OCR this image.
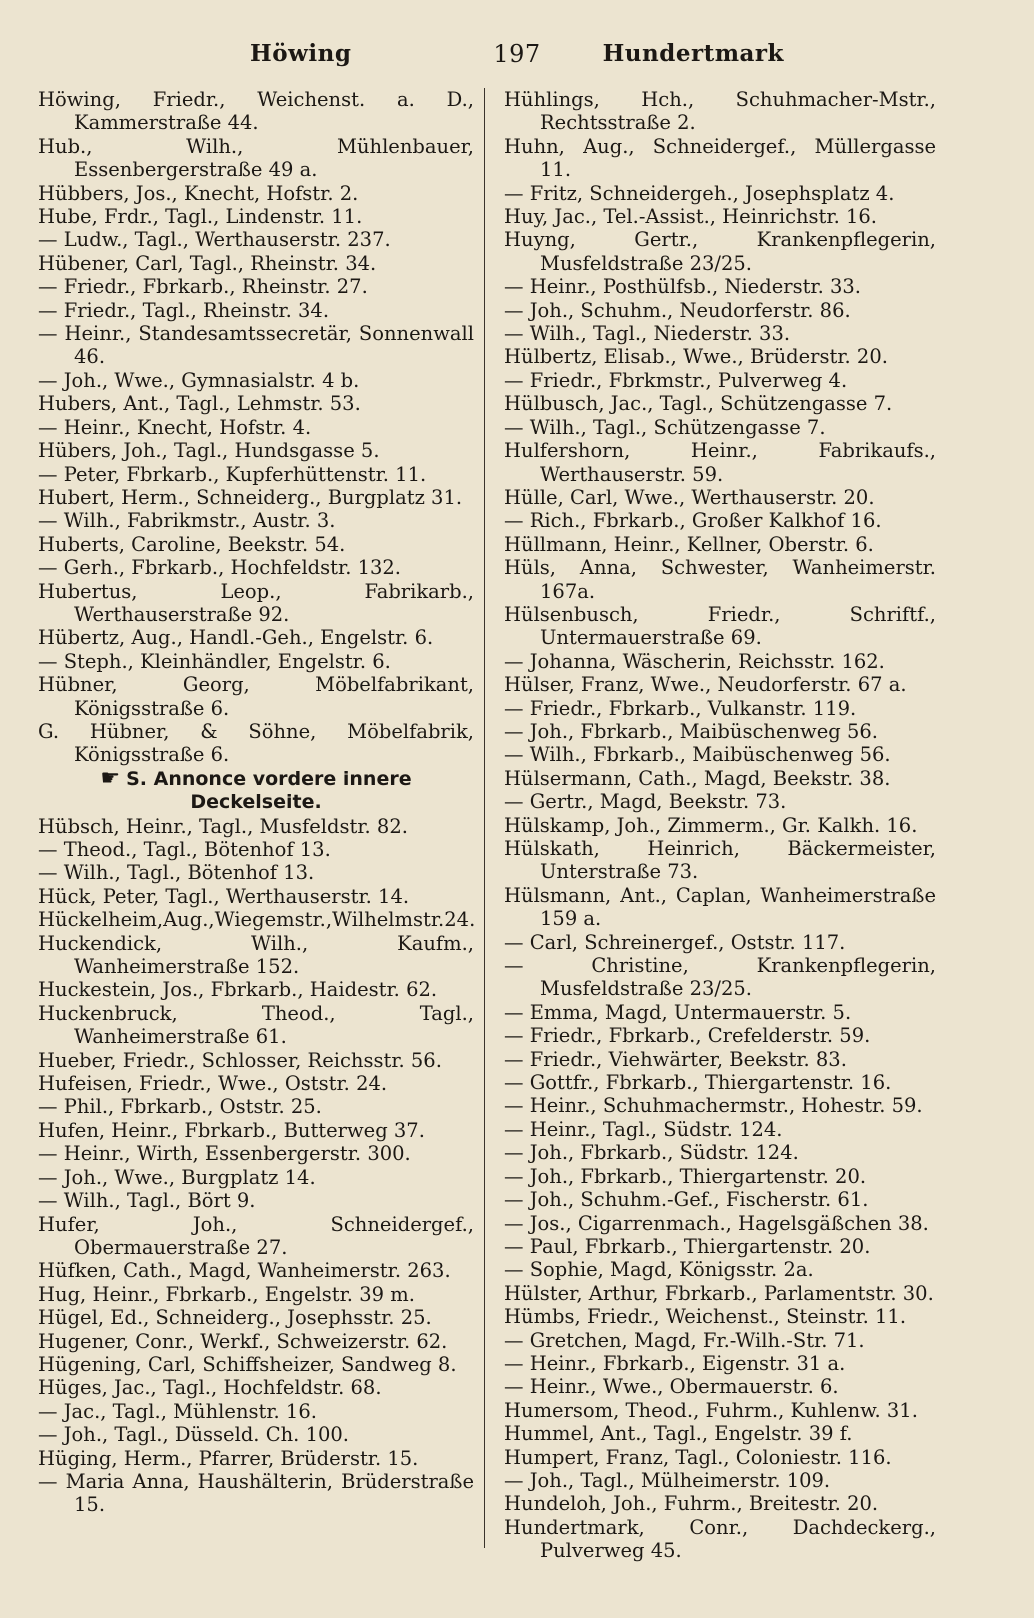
197
Höwing	Hundertmark
Höwing, Friedr., Weichenst. a. D., Kammerstraße 44.
Hub., Wilh., Mühlenbauer, Essenbergerstraße 49 a.
Hübbers, Jos., Knecht, Hofstr. 2.
Hube, Frdr., Tagl., Lindenstr. 11.
— Ludw., Tagl., Werthauserstr. 237.
Hübener, Carl, Tagl., Rheinstr. 34.
— Friedr., Fbrkarb., Rheinstr. 27.
— Friedr., Tagl., Rheinstr. 34.
— Heinr., Standesamtssecretär, Sonnenwall 46.
— Joh., Wwe., Gymnasialstr. 4 b.
Hubers, Ant., Tagl., Lehmstr. 53.
— Heinr., Knecht, Hofstr. 4.
Hübers, Joh., Tagl., Hundsgasse 5.
— Peter, Fbrkarb., Kupferhüttenstr. 11.
Hubert, Herm., Schneiderg., Burgplatz 31.
— Wilh., Fabrikmstr., Austr. 3.
Huberts, Caroline, Beekstr. 54.
— Gerh., Fbrkarb., Hochfeldstr. 132.
Hubertus, Leop., Fabrikarb., Werthauserstraße 92.
Hübertz, Aug., Handl.-Geh., Engelstr. 6.
— Steph., Kleinhändler, Engelstr. 6.
Hübner, Georg, Möbelfabrikant, Königsstraße 6.
G. Hübner, & Söhne, Möbelfabrik, Königsstraße 6.
☛ S. Annonce vordere innere
Deckelseite.
Hübsch, Heinr., Tagl., Musfeldstr. 82.
— Theod., Tagl., Bötenhof 13.
— Wilh., Tagl., Bötenhof 13.
Hück, Peter, Tagl., Werthauserstr. 14.
Hückelheim,Aug.,Wiegemstr.,Wilhelmstr.24.
Huckendick, Wilh., Kaufm., Wanheimerstraße 152.
Huckestein, Jos., Fbrkarb., Haidestr. 62.
Huckenbruck, Theod., Tagl., Wanheimerstraße 61.
Hueber, Friedr., Schlosser, Reichsstr. 56.
Hufeisen, Friedr., Wwe., Oststr. 24.
— Phil., Fbrkarb., Oststr. 25.
Hufen, Heinr., Fbrkarb., Butterweg 37.
— Heinr., Wirth, Essenbergerstr. 300.
— Joh., Wwe., Burgplatz 14.
— Wilh., Tagl., Bört 9.
Hufer, Joh., Schneidergef., Obermauerstraße 27.
Hüfken, Cath., Magd, Wanheimerstr. 263.
Hug, Heinr., Fbrkarb., Engelstr. 39 m.
Hügel, Ed., Schneiderg., Josephsstr. 25.
Hugener, Conr., Werkf., Schweizerstr. 62.
Hügening, Carl, Schiffsheizer, Sandweg 8.
Hüges, Jac., Tagl., Hochfeldstr. 68.
— Jac., Tagl., Mühlenstr. 16.
— Joh., Tagl., Düsseld. Ch. 100.
Hüging, Herm., Pfarrer, Brüderstr. 15.
— Maria Anna, Haushälterin, Brüderstraße 15.
Hühlings, Hch., Schuhmacher-Mstr., Rechtsstraße 2.
Huhn, Aug., Schneidergef., Müllergasse 11.
— Fritz, Schneidergeh., Josephsplatz 4.
Huy, Jac., Tel.-Assist., Heinrichstr. 16.
Huyng, Gertr., Krankenpflegerin, Musfeldstraße 23/25.
— Heinr., Posthülfsb., Niederstr. 33.
— Joh., Schuhm., Neudorferstr. 86.
— Wilh., Tagl., Niederstr. 33.
Hülbertz, Elisab., Wwe., Brüderstr. 20.
— Friedr., Fbrkmstr., Pulverweg 4.
Hülbusch, Jac., Tagl., Schützengasse 7.
— Wilh., Tagl., Schützengasse 7.
Hulfershorn, Heinr., Fabrikaufs., Werthauserstr. 59.
Hülle, Carl, Wwe., Werthauserstr. 20.
— Rich., Fbrkarb., Großer Kalkhof 16.
Hüllmann, Heinr., Kellner, Oberstr. 6.
Hüls, Anna, Schwester, Wanheimerstr. 167a.
Hülsenbusch, Friedr., Schriftf., Untermauerstraße 69.
— Johanna, Wäscherin, Reichsstr. 162.
Hülser, Franz, Wwe., Neudorferstr. 67 a.
— Friedr., Fbrkarb., Vulkanstr. 119.
— Joh., Fbrkarb., Maibüschenweg 56.
— Wilh., Fbrkarb., Maibüschenweg 56.
Hülsermann, Cath., Magd, Beekstr. 38.
— Gertr., Magd, Beekstr. 73.
Hülskamp, Joh., Zimmerm., Gr. Kalkh. 16.
Hülskath, Heinrich, Bäckermeister, Unterstraße 73.
Hülsmann, Ant., Caplan, Wanheimerstraße 159 a.
— Carl, Schreinergef., Oststr. 117.
— Christine, Krankenpflegerin, Musfeldstraße 23/25.
— Emma, Magd, Untermauerstr. 5.
— Friedr., Fbrkarb., Crefelderstr. 59.
— Friedr., Viehwärter, Beekstr. 83.
— Gottfr., Fbrkarb., Thiergartenstr. 16.
— Heinr., Schuhmachermstr., Hohestr. 59.
— Heinr., Tagl., Südstr. 124.
— Joh., Fbrkarb., Südstr. 124.
— Joh., Fbrkarb., Thiergartenstr. 20.
— Joh., Schuhm.-Gef., Fischerstr. 61.
— Jos., Cigarrenmach., Hagelsgäßchen 38.
— Paul, Fbrkarb., Thiergartenstr. 20.
— Sophie, Magd, Königsstr. 2a.
Hülster, Arthur, Fbrkarb., Parlamentstr. 30.
Hümbs, Friedr., Weichenst., Steinstr. 11.
— Gretchen, Magd, Fr.-Wilh.-Str. 71.
— Heinr., Fbrkarb., Eigenstr. 31 a.
— Heinr., Wwe., Obermauerstr. 6.
Humersom, Theod., Fuhrm., Kuhlenw. 31.
Hummel, Ant., Tagl., Engelstr. 39 f.
Humpert, Franz, Tagl., Coloniestr. 116.
— Joh., Tagl., Mülheimerstr. 109.
Hundeloh, Joh., Fuhrm., Breitestr. 20.
Hundertmark, Conr., Dachdeckerg., Pulverweg 45.
